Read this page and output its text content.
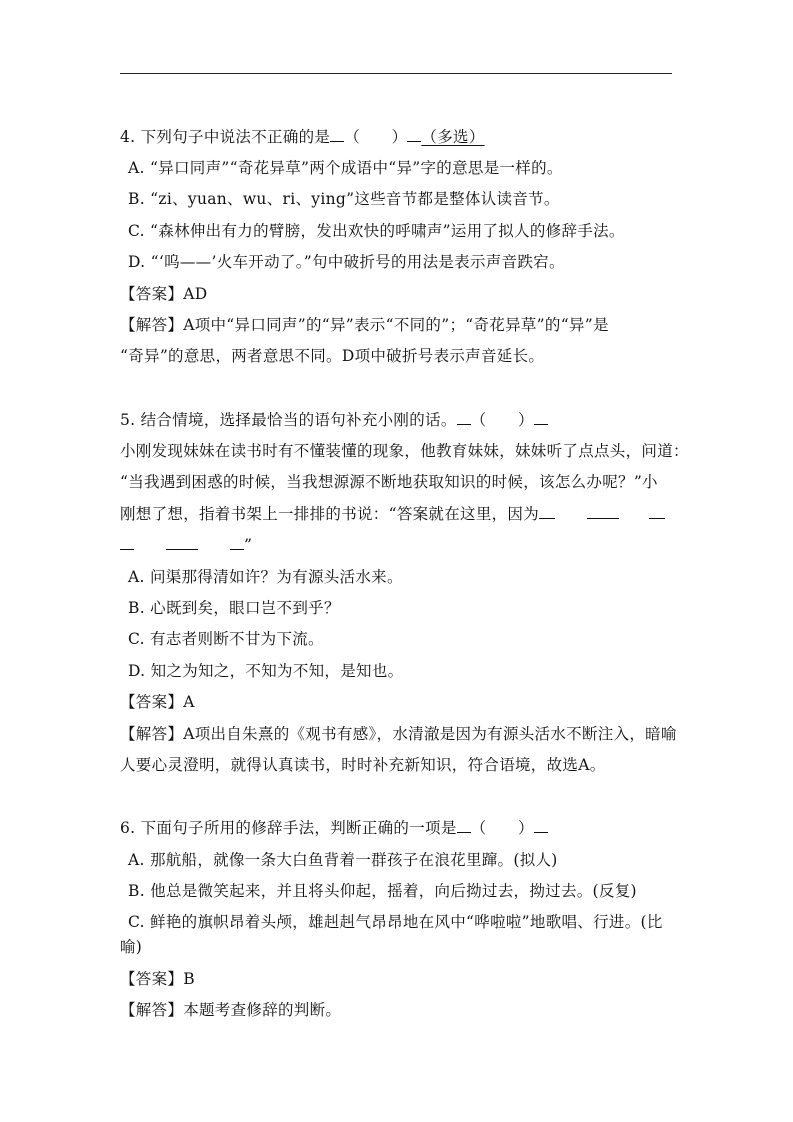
4. 下列句子中说法不正确的是 （　　） （多选）
A. “异口同声”“奇花异草”两个成语中“异”字的意思是一样的。
B. “zi、yuan、wu、ri、ying”这些音节都是整体认读音节。
C. “森林伸出有力的臂膀，发出欢快的呼啸声”运用了拟人的修辞手法。
D. “‘呜——’火车开动了。”句中破折号的用法是表示声音跌宕。
【答案】AD
【解答】A项中“异口同声”的“异”表示“不同的”；“奇花异草”的“异”是
“奇异”的意思，两者意思不同。D项中破折号表示声音延长。
5. 结合情境，选择最恰当的语句补充小刚的话。 （　　）
小刚发现妹妹在读书时有不懂装懂的现象，他教育妹妹，妹妹听了点点头，问道：
“当我遇到困惑的时候，当我想源源不断地获取知识的时候，该怎么办呢？”小
刚想了想，指着书架上一排排的书说：“答案就在这里，因为
”
A. 问渠那得清如许？为有源头活水来。
B. 心既到矣，眼口岂不到乎？
C. 有志者则断不甘为下流。
D. 知之为知之，不知为不知，是知也。
【答案】A
【解答】A项出自朱熹的《观书有感》，水清澈是因为有源头活水不断注入，暗喻
人要心灵澄明，就得认真读书，时时补充新知识，符合语境，故选A。
6. 下面句子所用的修辞手法，判断正确的一项是 （　　）
A. 那航船，就像一条大白鱼背着一群孩子在浪花里蹿。(拟人)
B. 他总是微笑起来，并且将头仰起，摇着，向后拗过去，拗过去。(反复)
C. 鲜艳的旗帜昂着头颅，雄赳赳气昂昂地在风中“哗啦啦”地歌唱、行进。(比
喻)
【答案】B
【解答】本题考查修辞的判断。
